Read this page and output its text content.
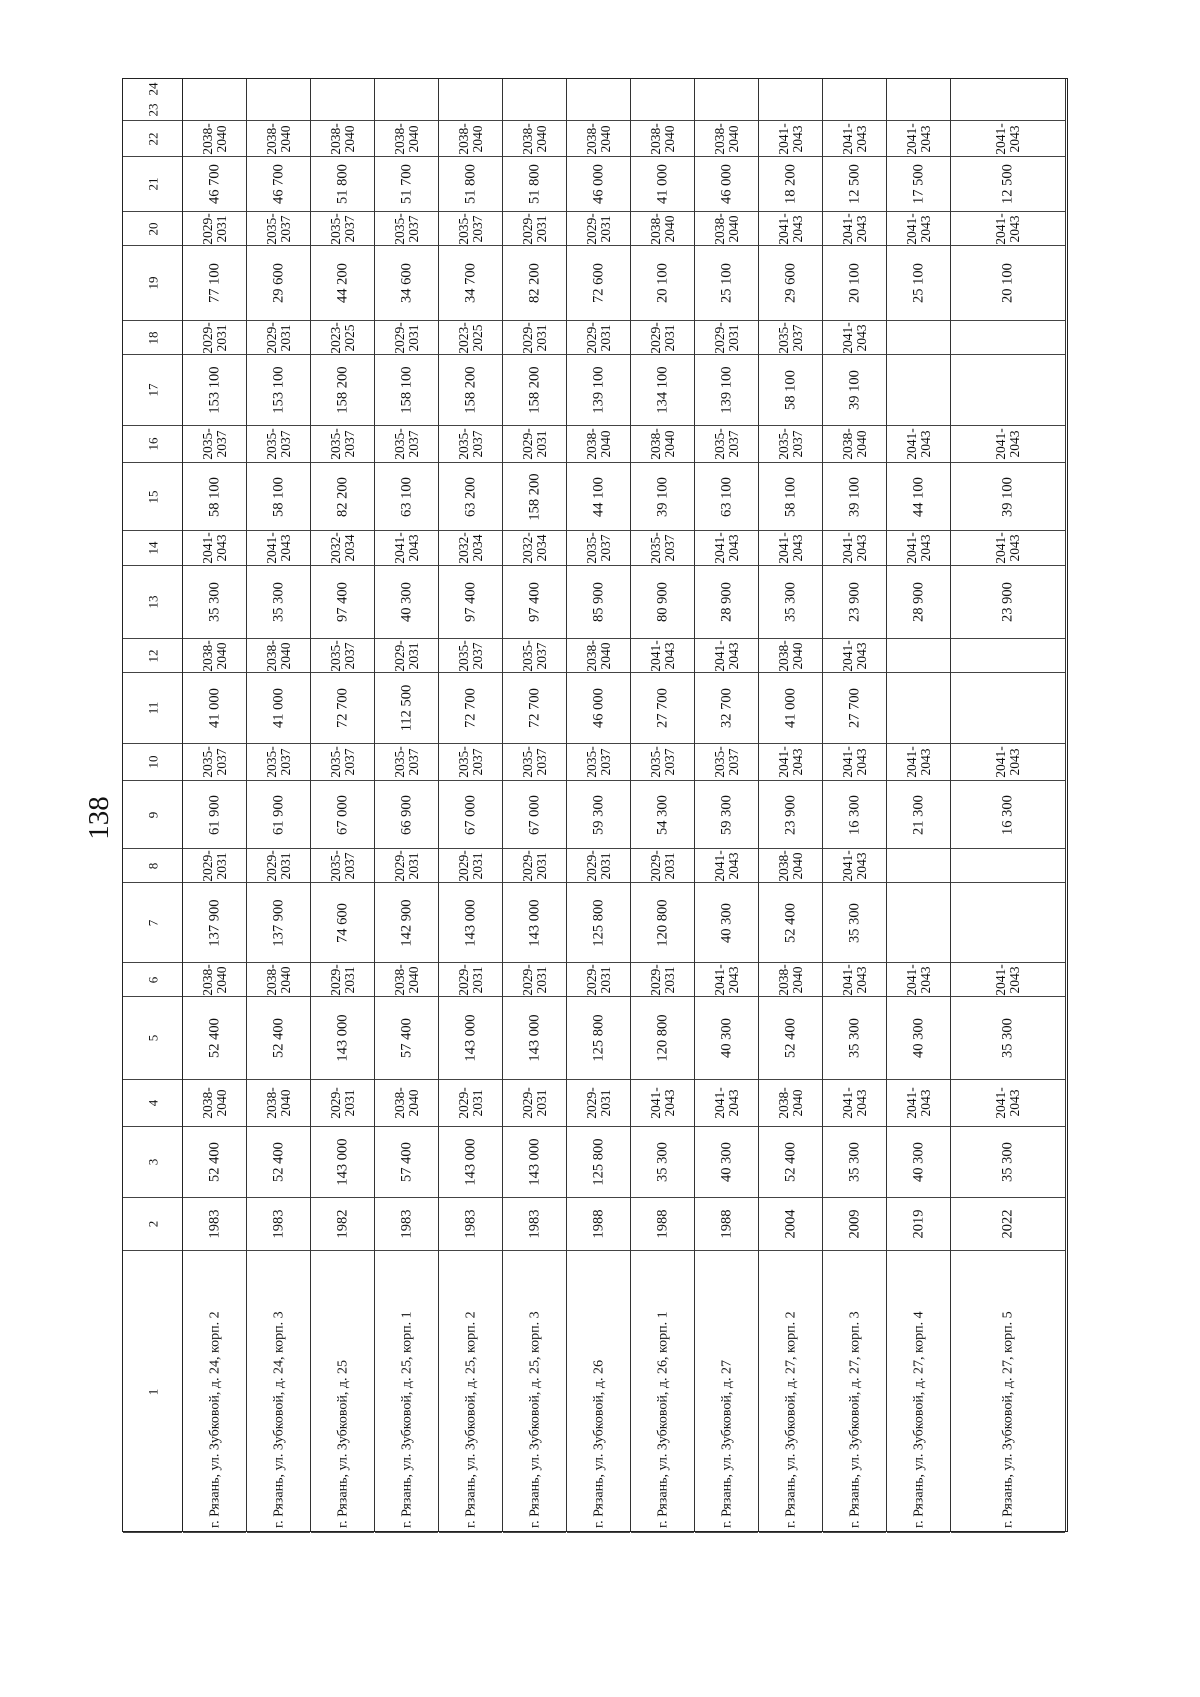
138
1
2
3
4
5
6
7
8
9
10
11
12
13
14
15
16
17
18
19
20
21
22
23
24
г. Рязань, ул. Зубковой, д. 24, корп. 2
1983
52 400
2038-
2040
52 400
2038-
2040
137 900
2029-
2031
61 900
2035-
2037
41 000
2038-
2040
35 300
2041-
2043
58 100
2035-
2037
153 100
2029-
2031
77 100
2029-
2031
46 700
2038-
2040
г. Рязань, ул. Зубковой, д. 24, корп. 3
1983
52 400
2038-
2040
52 400
2038-
2040
137 900
2029-
2031
61 900
2035-
2037
41 000
2038-
2040
35 300
2041-
2043
58 100
2035-
2037
153 100
2029-
2031
29 600
2035-
2037
46 700
2038-
2040
г. Рязань, ул. Зубковой, д. 25
1982
143 000
2029-
2031
143 000
2029-
2031
74 600
2035-
2037
67 000
2035-
2037
72 700
2035-
2037
97 400
2032-
2034
82 200
2035-
2037
158 200
2023-
2025
44 200
2035-
2037
51 800
2038-
2040
г. Рязань, ул. Зубковой, д. 25, корп. 1
1983
57 400
2038-
2040
57 400
2038-
2040
142 900
2029-
2031
66 900
2035-
2037
112 500
2029-
2031
40 300
2041-
2043
63 100
2035-
2037
158 100
2029-
2031
34 600
2035-
2037
51 700
2038-
2040
г. Рязань, ул. Зубковой, д. 25, корп. 2
1983
143 000
2029-
2031
143 000
2029-
2031
143 000
2029-
2031
67 000
2035-
2037
72 700
2035-
2037
97 400
2032-
2034
63 200
2035-
2037
158 200
2023-
2025
34 700
2035-
2037
51 800
2038-
2040
г. Рязань, ул. Зубковой, д. 25, корп. 3
1983
143 000
2029-
2031
143 000
2029-
2031
143 000
2029-
2031
67 000
2035-
2037
72 700
2035-
2037
97 400
2032-
2034
158 200
2029-
2031
158 200
2029-
2031
82 200
2029-
2031
51 800
2038-
2040
г. Рязань, ул. Зубковой, д. 26
1988
125 800
2029-
2031
125 800
2029-
2031
125 800
2029-
2031
59 300
2035-
2037
46 000
2038-
2040
85 900
2035-
2037
44 100
2038-
2040
139 100
2029-
2031
72 600
2029-
2031
46 000
2038-
2040
г. Рязань, ул. Зубковой, д. 26, корп. 1
1988
35 300
2041-
2043
120 800
2029-
2031
120 800
2029-
2031
54 300
2035-
2037
27 700
2041-
2043
80 900
2035-
2037
39 100
2038-
2040
134 100
2029-
2031
20 100
2038-
2040
41 000
2038-
2040
г. Рязань, ул. Зубковой, д. 27
1988
40 300
2041-
2043
40 300
2041-
2043
40 300
2041-
2043
59 300
2035-
2037
32 700
2041-
2043
28 900
2041-
2043
63 100
2035-
2037
139 100
2029-
2031
25 100
2038-
2040
46 000
2038-
2040
г. Рязань, ул. Зубковой, д. 27, корп. 2
2004
52 400
2038-
2040
52 400
2038-
2040
52 400
2038-
2040
23 900
2041-
2043
41 000
2038-
2040
35 300
2041-
2043
58 100
2035-
2037
58 100
2035-
2037
29 600
2041-
2043
18 200
2041-
2043
г. Рязань, ул. Зубковой, д. 27, корп. 3
2009
35 300
2041-
2043
35 300
2041-
2043
35 300
2041-
2043
16 300
2041-
2043
27 700
2041-
2043
23 900
2041-
2043
39 100
2038-
2040
39 100
2041-
2043
20 100
2041-
2043
12 500
2041-
2043
г. Рязань, ул. Зубковой, д. 27, корп. 4
2019
40 300
2041-
2043
40 300
2041-
2043
21 300
2041-
2043
28 900
2041-
2043
44 100
2041-
2043
25 100
2041-
2043
17 500
2041-
2043
г. Рязань, ул. Зубковой, д. 27, корп. 5
2022
35 300
2041-
2043
35 300
2041-
2043
16 300
2041-
2043
23 900
2041-
2043
39 100
2041-
2043
20 100
2041-
2043
12 500
2041-
2043
